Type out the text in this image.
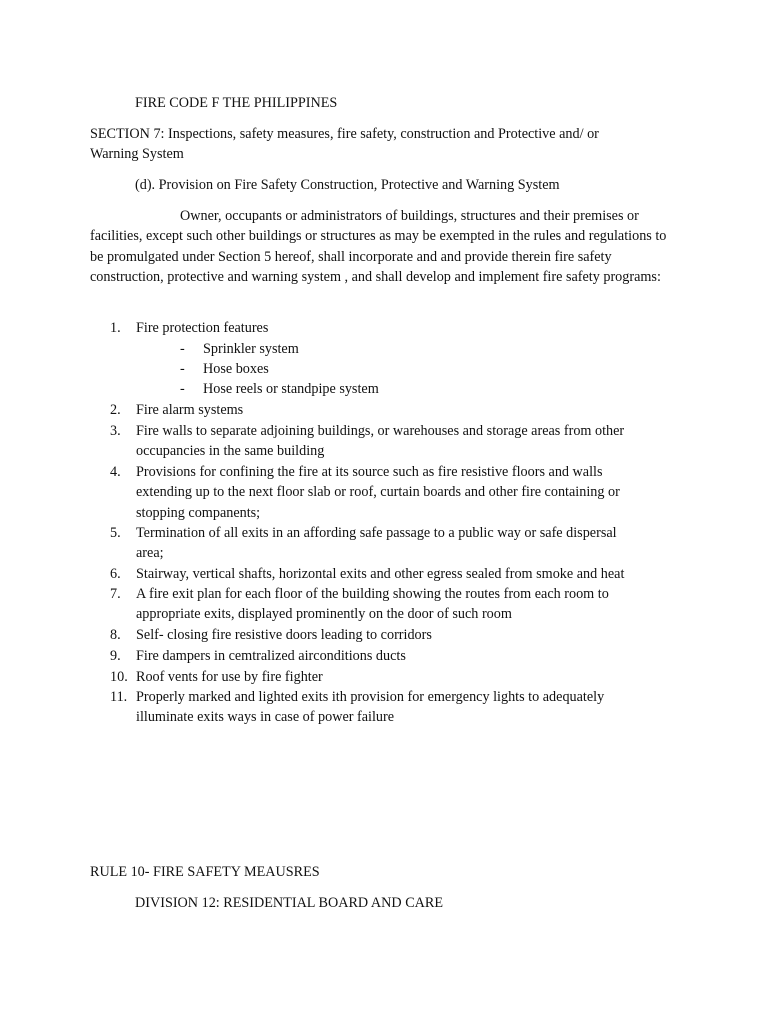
FIRE CODE F THE PHILIPPINES
SECTION 7: Inspections, safety measures, fire safety, construction and Protective and/ or Warning System
(d). Provision on Fire Safety Construction, Protective and Warning System
Owner, occupants or administrators of buildings, structures and their premises or facilities, except such other buildings or structures as may be exempted in the rules and regulations to be promulgated under Section 5 hereof, shall incorporate and and provide therein fire safety construction, protective and warning system , and shall develop and implement fire safety programs:
1.	Fire protection features
- Sprinkler system
- Hose boxes
- Hose reels or standpipe system
2.	Fire alarm systems
3.	Fire walls to separate adjoining buildings, or warehouses and storage areas from other occupancies in the same building
4.	Provisions for confining the fire at its source such as fire resistive floors and walls extending up to the next floor slab or roof, curtain boards and other fire containing or stopping companents;
5.	Termination of all exits in an affording safe passage to a public way or safe dispersal area;
6.	Stairway, vertical shafts, horizontal exits and other egress sealed from smoke and heat
7.	A fire exit plan for each floor of the building showing the routes from each room to appropriate exits, displayed prominently on the door of such room
8.	Self- closing fire resistive doors leading to corridors
9.	Fire dampers in cemtralized airconditions ducts
10. Roof vents for use by fire fighter
11. Properly marked and lighted exits ith provision for emergency lights to adequately illuminate exits ways in case of power failure
RULE 10- FIRE SAFETY MEAUSRES
DIVISION 12: RESIDENTIAL BOARD AND CARE
